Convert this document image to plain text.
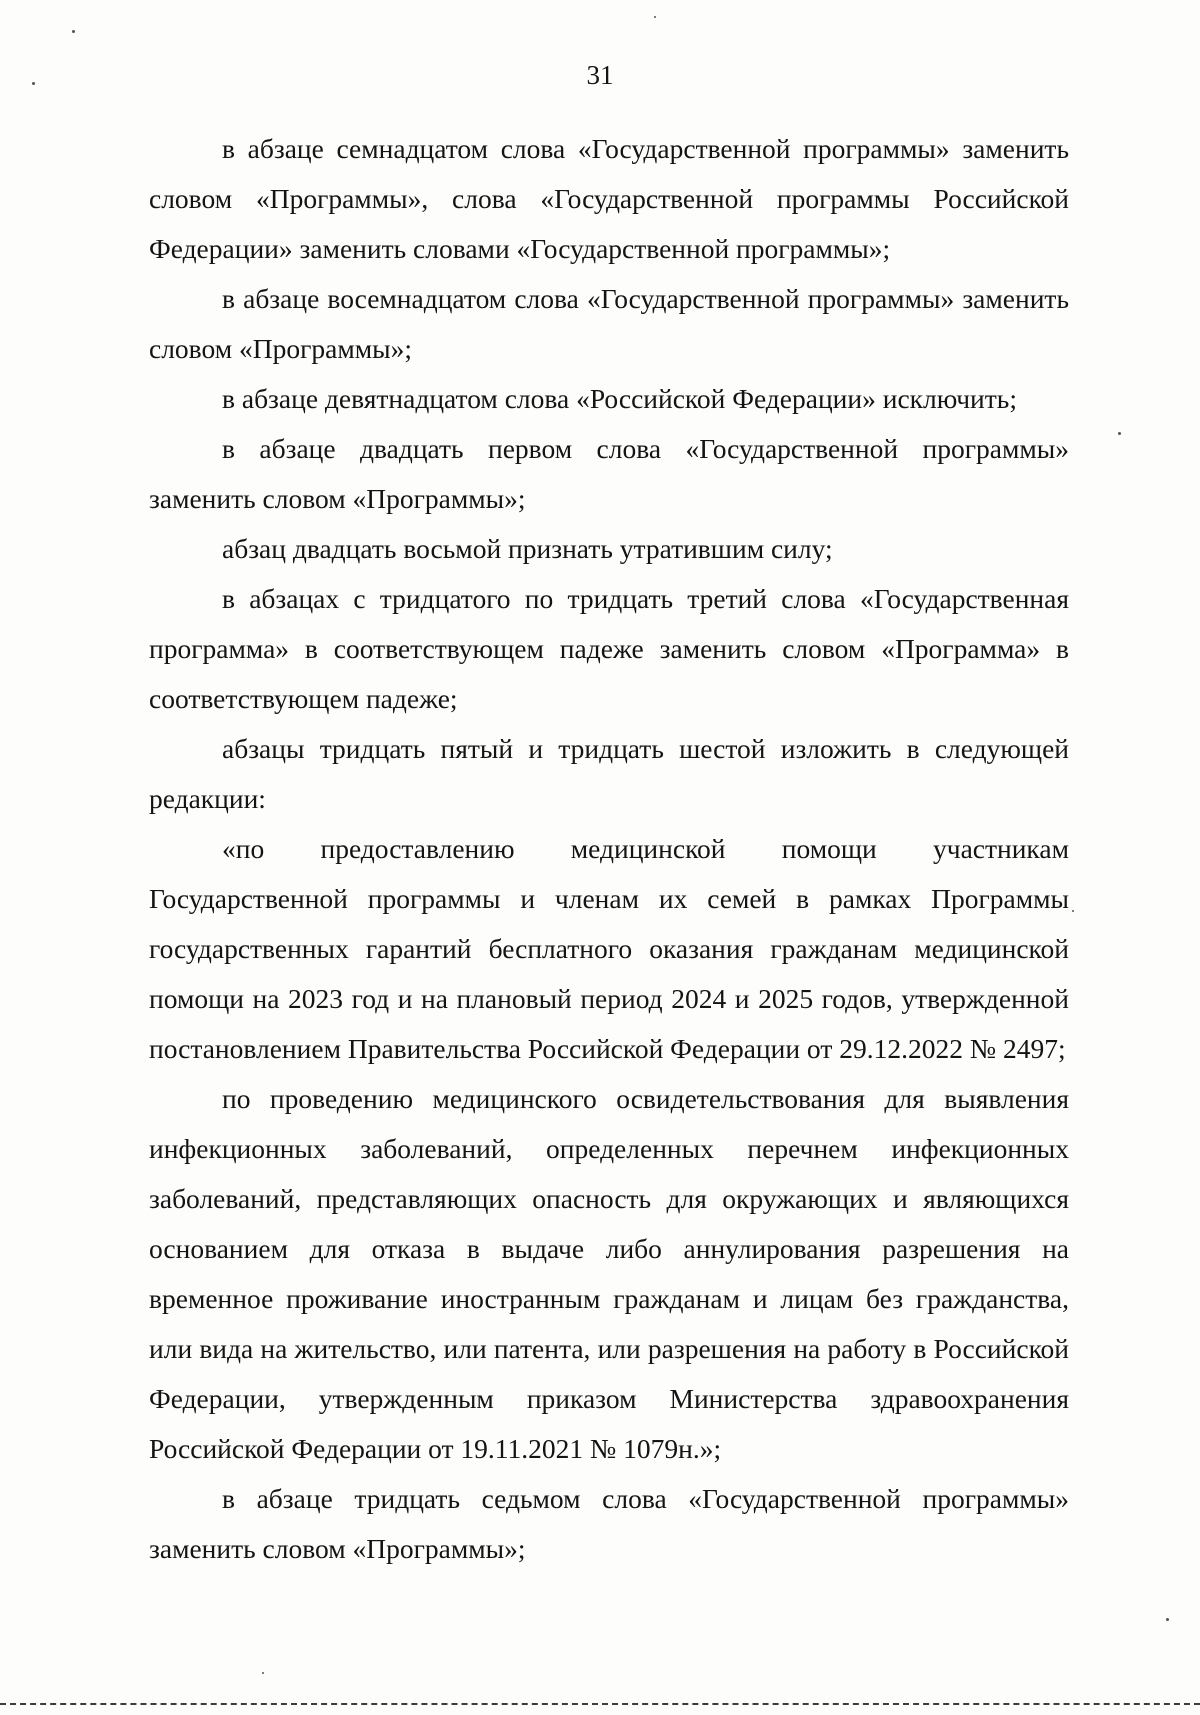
31

в абзаце семнадцатом слова «Государственной программы» заменить словом «Программы», слова «Государственной программы Российской Федерации» заменить словами «Государственной программы»;

в абзаце восемнадцатом слова «Государственной программы» заменить словом «Программы»;

в абзаце девятнадцатом слова «Российской Федерации» исключить;

в абзаце двадцать первом слова «Государственной программы» заменить словом «Программы»;

абзац двадцать восьмой признать утратившим силу;

в абзацах с тридцатого по тридцать третий слова «Государственная программа» в соответствующем падеже заменить словом «Программа» в соответствующем падеже;

абзацы тридцать пятый и тридцать шестой изложить в следующей редакции:

«по предоставлению медицинской помощи участникам Государственной программы и членам их семей в рамках Программы государственных гарантий бесплатного оказания гражданам медицинской помощи на 2023 год и на плановый период 2024 и 2025 годов, утвержденной постановлением Правительства Российской Федерации от 29.12.2022 № 2497;

по проведению медицинского освидетельствования для выявления инфекционных заболеваний, определенных перечнем инфекционных заболеваний, представляющих опасность для окружающих и являющихся основанием для отказа в выдаче либо аннулирования разрешения на временное проживание иностранным гражданам и лицам без гражданства, или вида на жительство, или патента, или разрешения на работу в Российской Федерации, утвержденным приказом Министерства здравоохранения Российской Федерации от 19.11.2021 № 1079н.»;

в абзаце тридцать седьмом слова «Государственной программы» заменить словом «Программы»;
